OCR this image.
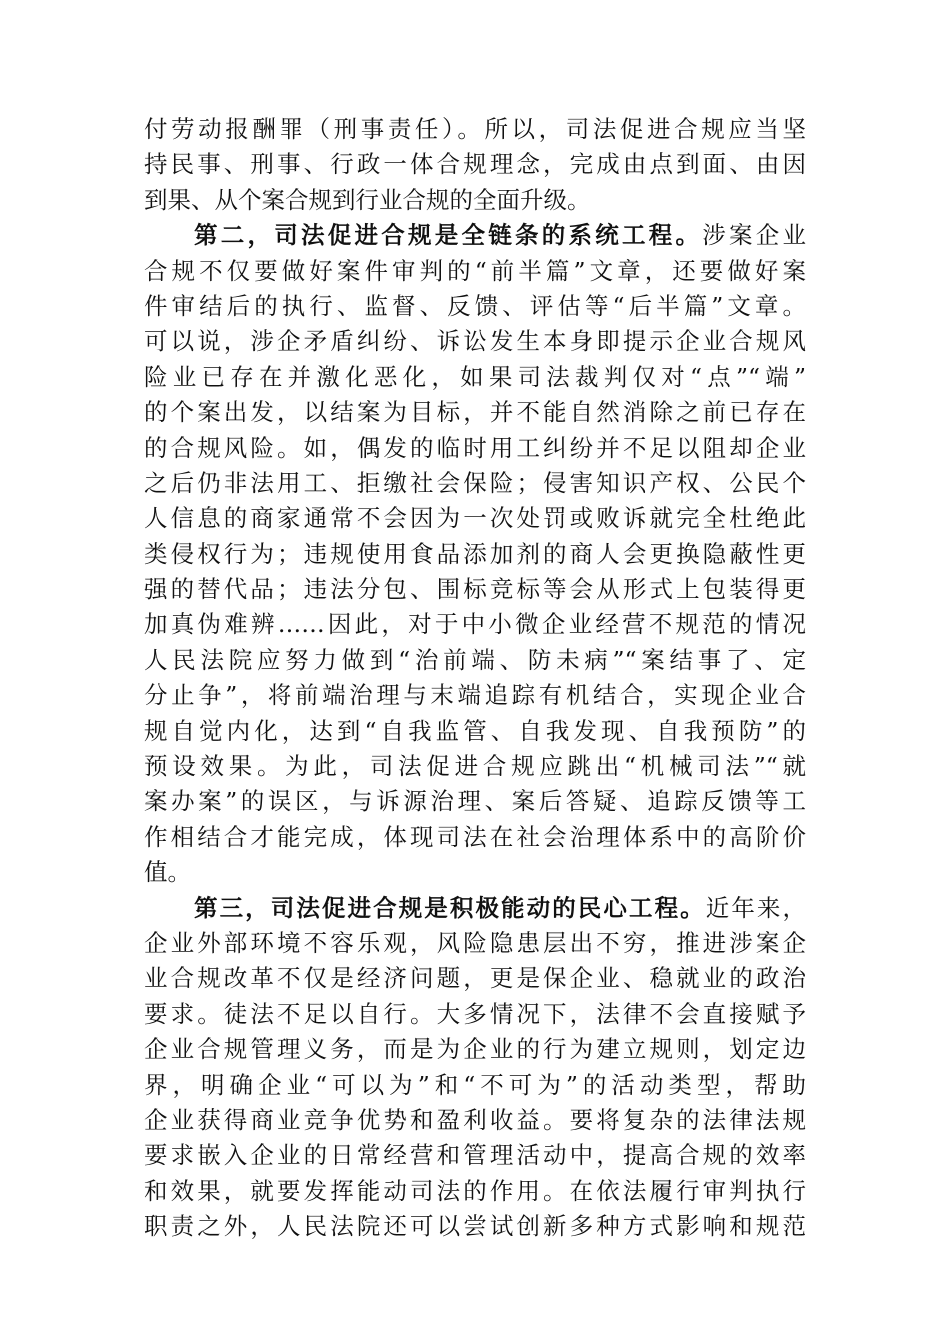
付劳动报酬罪（刑事责任）。所以，司法促进合规应当坚
持民事、刑事、行政一体合规理念，完成由点到面、由因
到果、从个案合规到行业合规的全面升级。
第二，司法促进合规是全链条的系统工程。涉案企业
合规不仅要做好案件审判的“前半篇”文章，还要做好案
件审结后的执行、监督、反馈、评估等“后半篇”文章。
可以说，涉企矛盾纠纷、诉讼发生本身即提示企业合规风
险业已存在并激化恶化，如果司法裁判仅对“点”“端”
的个案出发，以结案为目标，并不能自然消除之前已存在
的合规风险。如，偶发的临时用工纠纷并不足以阻却企业
之后仍非法用工、拒缴社会保险；侵害知识产权、公民个
人信息的商家通常不会因为一次处罚或败诉就完全杜绝此
类侵权行为；违规使用食品添加剂的商人会更换隐蔽性更
强的替代品；违法分包、围标竞标等会从形式上包装得更
加真伪难辨……因此，对于中小微企业经营不规范的情况
人民法院应努力做到“治前端、防未病”“案结事了、定
分止争”，将前端治理与末端追踪有机结合，实现企业合
规自觉内化，达到“自我监管、自我发现、自我预防”的
预设效果。为此，司法促进合规应跳出“机械司法”“就
案办案”的误区，与诉源治理、案后答疑、追踪反馈等工
作相结合才能完成，体现司法在社会治理体系中的高阶价
值。
第三，司法促进合规是积极能动的民心工程。近年来，
企业外部环境不容乐观，风险隐患层出不穷，推进涉案企
业合规改革不仅是经济问题，更是保企业、稳就业的政治
要求。徒法不足以自行。大多情况下，法律不会直接赋予
企业合规管理义务，而是为企业的行为建立规则，划定边
界，明确企业“可以为”和“不可为”的活动类型，帮助
企业获得商业竞争优势和盈利收益。要将复杂的法律法规
要求嵌入企业的日常经营和管理活动中，提高合规的效率
和效果，就要发挥能动司法的作用。在依法履行审判执行
职责之外，人民法院还可以尝试创新多种方式影响和规范
